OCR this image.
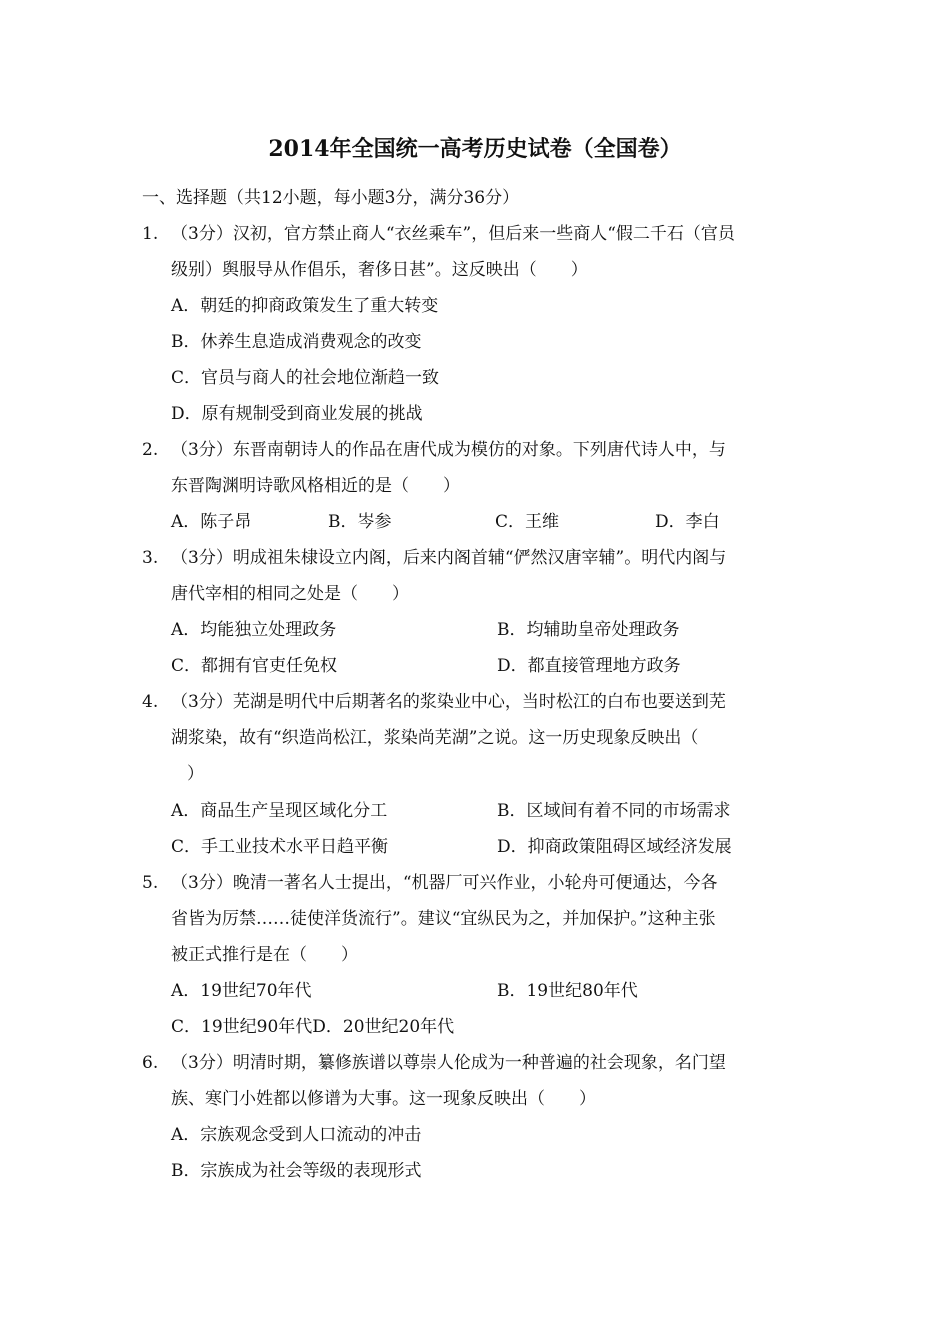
2014年全国统一高考历史试卷（全国卷）
一、选择题（共12小题，每小题3分，满分36分）
1. （3分）汉初，官方禁止商人“衣丝乘车”，但后来一些商人“假二千石（官员
级别）舆服导从作倡乐，奢侈日甚”。这反映出（　　）
A．朝廷的抑商政策发生了重大转变
B．休养生息造成消费观念的改变
C．官员与商人的社会地位渐趋一致
D．原有规制受到商业发展的挑战
2. （3分）东晋南朝诗人的作品在唐代成为模仿的对象。下列唐代诗人中，与
东晋陶渊明诗歌风格相近的是（　　）
A．陈子昂	B．岑参	C．王维	D．李白
3. （3分）明成祖朱棣设立内阁，后来内阁首辅“俨然汉唐宰辅”。明代内阁与
唐代宰相的相同之处是（　　）
A．均能独立处理政务	B．均辅助皇帝处理政务
C．都拥有官吏任免权	D．都直接管理地方政务
4. （3分）芜湖是明代中后期著名的浆染业中心，当时松江的白布也要送到芜
湖浆染，故有“织造尚松江，浆染尚芜湖”之说。这一历史现象反映出（
）
A．商品生产呈现区域化分工	B．区域间有着不同的市场需求
C．手工业技术水平日趋平衡	D．抑商政策阻碍区域经济发展
5. （3分）晚清一著名人士提出，“机器厂可兴作业，小轮舟可便通达，今各
省皆为厉禁……徒使洋货流行”。建议“宜纵民为之，并加保护。”这种主张
被正式推行是在（　　）
A．19世纪70年代	B．19世纪80年代
C．19世纪90年代D．20世纪20年代
6. （3分）明清时期，纂修族谱以尊崇人伦成为一种普遍的社会现象，名门望
族、寒门小姓都以修谱为大事。这一现象反映出（　　）
A．宗族观念受到人口流动的冲击
B．宗族成为社会等级的表现形式
